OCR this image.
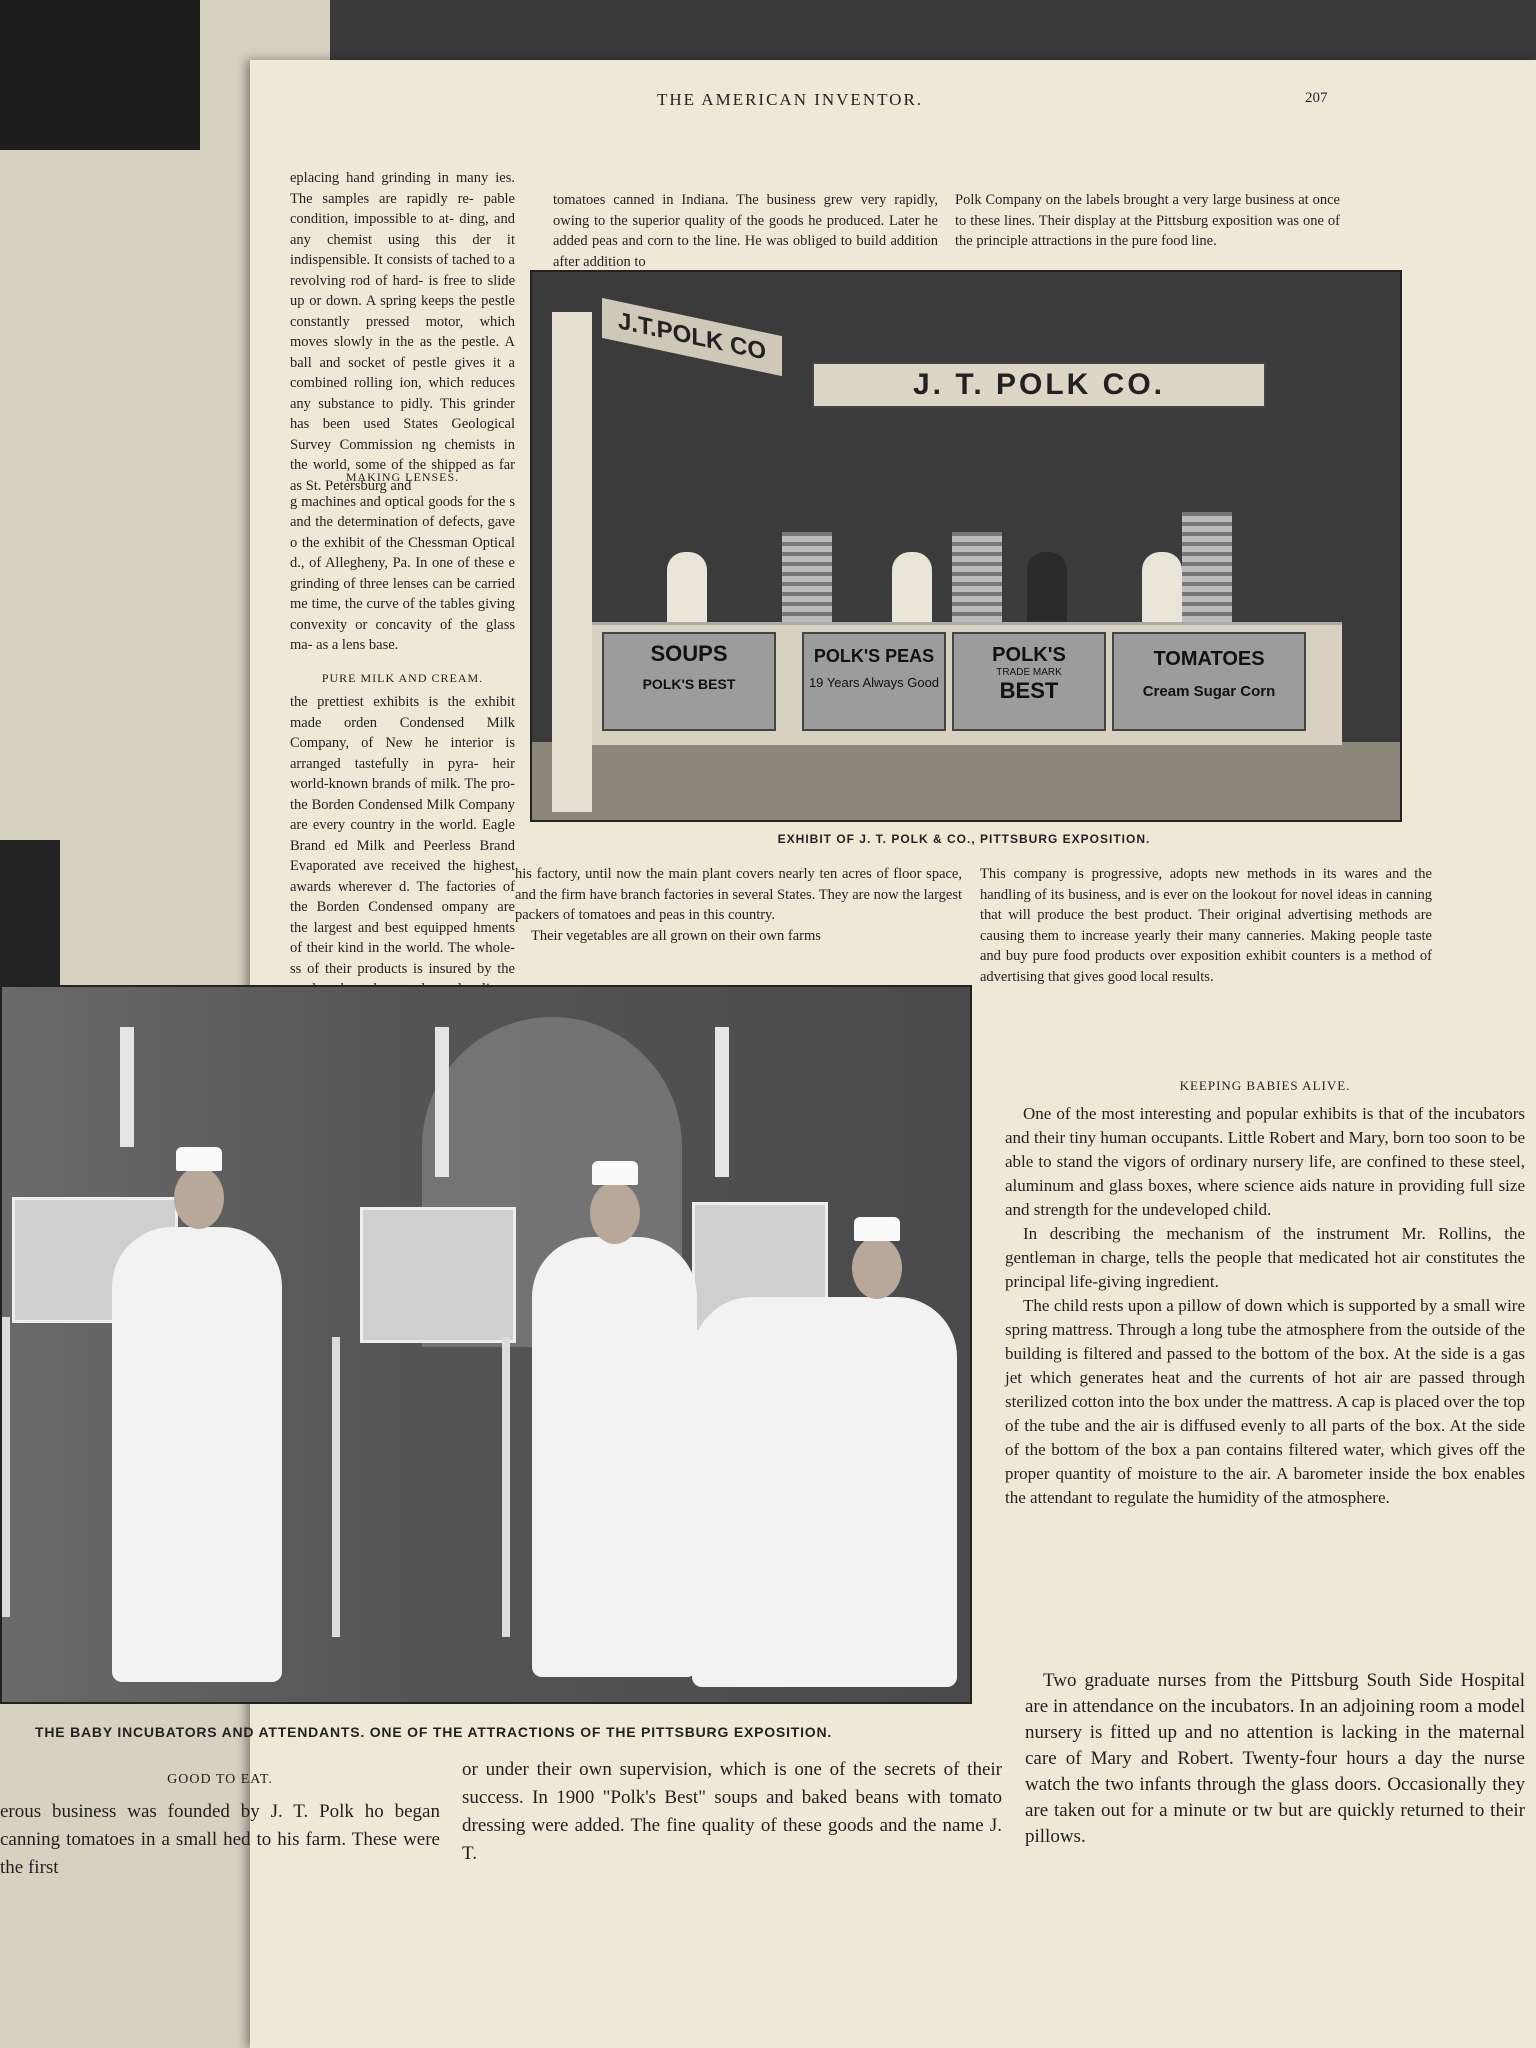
THE AMERICAN INVENTOR.	207
eplacing hand grinding in many ies. The samples are rapidly re- pable condition, impossible to at- ding, and any chemist using this der it indispensible. It consists of tached to a revolving rod of hard- is free to slide up or down. A spring keeps the pestle constantly pressed motor, which moves slowly in the as the pestle. A ball and socket of pestle gives it a combined rolling ion, which reduces any substance to pidly. This grinder has been used States Geological Survey Commission ng chemists in the world, some of the shipped as far as St. Petersburg and
MAKING LENSES.
g machines and optical goods for the s and the determination of defects, gave o the exhibit of the Chessman Optical d., of Allegheny, Pa. In one of these e grinding of three lenses can be carried me time, the curve of the tables giving convexity or concavity of the glass ma- as a lens base.
PURE MILK AND CREAM.
the prettiest exhibits is the exhibit made orden Condensed Milk Company, of New he interior is arranged tastefully in pyra- heir world-known brands of milk. The pro- the Borden Condensed Milk Company are every country in the world. Eagle Brand ed Milk and Peerless Brand Evaporated ave received the highest awards wherever d. The factories of the Borden Condensed ompany are the largest and best equipped hments of their kind in the world. The whole- ss of their products is insured by the
tomatoes canned in Indiana. The business grew very rapidly, owing to the superior quality of the goods he produced. Later he added peas and corn to the line. He was obliged to build addition after addition to
Polk Company on the labels brought a very large business at once to these lines. Their display at the Pittsburg exposition was one of the principle attractions in the pure food line.
J.T.POLK CO
J. T. POLK CO.
SOUPS
POLK'S BEST
POLK'S PEAS
19 Years Always Good
POLK'S
TRADE MARK
BEST
TOMATOES
Cream Sugar Corn
EXHIBIT OF J. T. POLK & CO., PITTSBURG EXPOSITION.
his factory, until now the main plant covers nearly ten acres of floor space, and the firm have branch factories in several States. They are now the largest packers of tomatoes and peas in this country.
Their vegetables are all grown on their own farms
This company is progressive, adopts new methods in its wares and the handling of its business, and is ever on the lookout for novel ideas in canning that will produce the best product. Their original advertising methods are causing them to increase yearly their many canneries. Making people taste and buy pure food products over exposition exhibit counters is a method of advertising that gives good local results.
THE BABY INCUBATORS AND ATTENDANTS. ONE OF THE ATTRACTIONS OF THE PITTSBURG EXPOSITION.
KEEPING BABIES ALIVE.
One of the most interesting and popular exhibits is that of the incubators and their tiny human occupants. Little Robert and Mary, born too soon to be able to stand the vigors of ordinary nursery life, are confined to these steel, aluminum and glass boxes, where science aids nature in providing full size and strength for the undeveloped child.
In describing the mechanism of the instrument Mr. Rollins, the gentleman in charge, tells the people that medicated hot air constitutes the principal life-giving ingredient.
The child rests upon a pillow of down which is supported by a small wire spring mattress. Through a long tube the atmosphere from the outside of the building is filtered and passed to the bottom of the box. At the side is a gas jet which generates heat and the currents of hot air are passed through sterilized cotton into the box under the mattress. A cap is placed over the top of the tube and the air is diffused evenly to all parts of the box. At the side of the bottom of the box a pan contains filtered water, which gives off the proper quantity of moisture to the air. A barometer inside the box enables the attendant to regulate the humidity of the atmosphere.
GOOD TO EAT.
erous business was founded by J. T. Polk ho began canning tomatoes in a small hed to his farm. These were the first
or under their own supervision, which is one of the secrets of their success. In 1900 "Polk's Best" soups and baked beans with tomato dressing were added. The fine quality of these goods and the name J. T.
Two graduate nurses from the Pittsburg South Side Hospital are in attendance on the incubators. In an adjoining room a model nursery is fitted up and no attention is lacking in the maternal care of Mary and Robert. Twenty-four hours a day the nurse watch the two infants through the glass doors. Occasionally they are taken out for a minute or tw but are quickly returned to their pillows.
